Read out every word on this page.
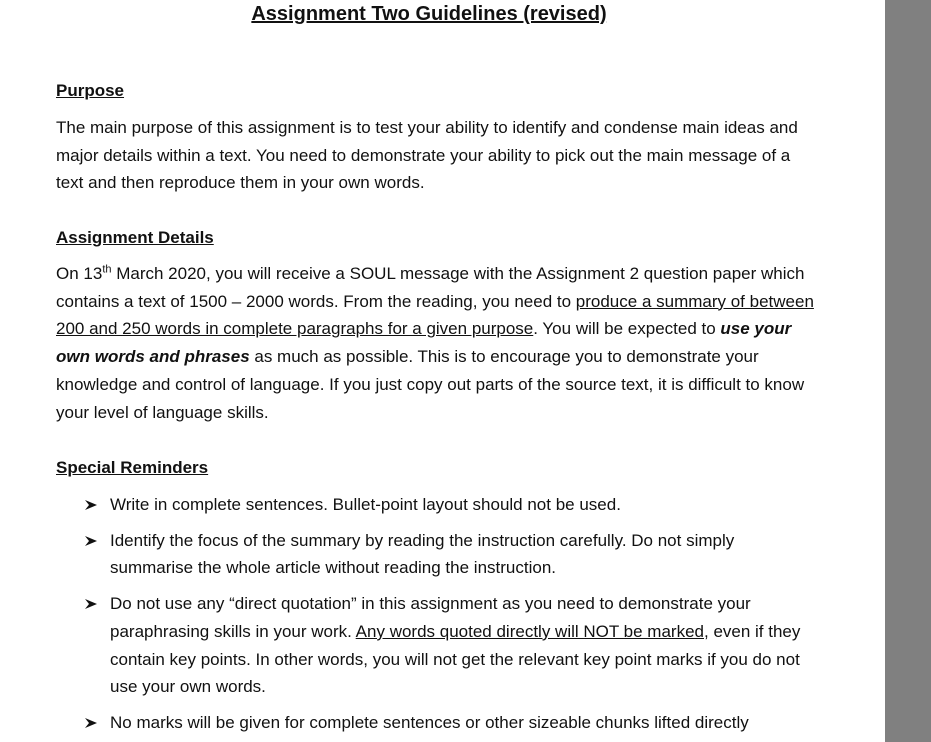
Assignment Two Guidelines (revised)
Purpose

The main purpose of this assignment is to test your ability to identify and condense main ideas and major details within a text. You need to demonstrate your ability to pick out the main message of a text and then reproduce them in your own words.

Assignment Details

On 13th March 2020, you will receive a SOUL message with the Assignment 2 question paper which contains a text of 1500 – 2000 words. From the reading, you need to produce a summary of between 200 and 250 words in complete paragraphs for a given purpose. You will be expected to use your own words and phrases as much as possible. This is to encourage you to demonstrate your knowledge and control of language. If you just copy out parts of the source text, it is difficult to know your level of language skills.

Special Reminders
Write in complete sentences. Bullet-point layout should not be used.
Identify the focus of the summary by reading the instruction carefully. Do not simply summarise the whole article without reading the instruction.
Do not use any “direct quotation” in this assignment as you need to demonstrate your paraphrasing skills in your work. Any words quoted directly will NOT be marked, even if they contain key points. In other words, you will not get the relevant key point marks if you do not use your own words.
No marks will be given for complete sentences or other sizeable chunks lifted directly
